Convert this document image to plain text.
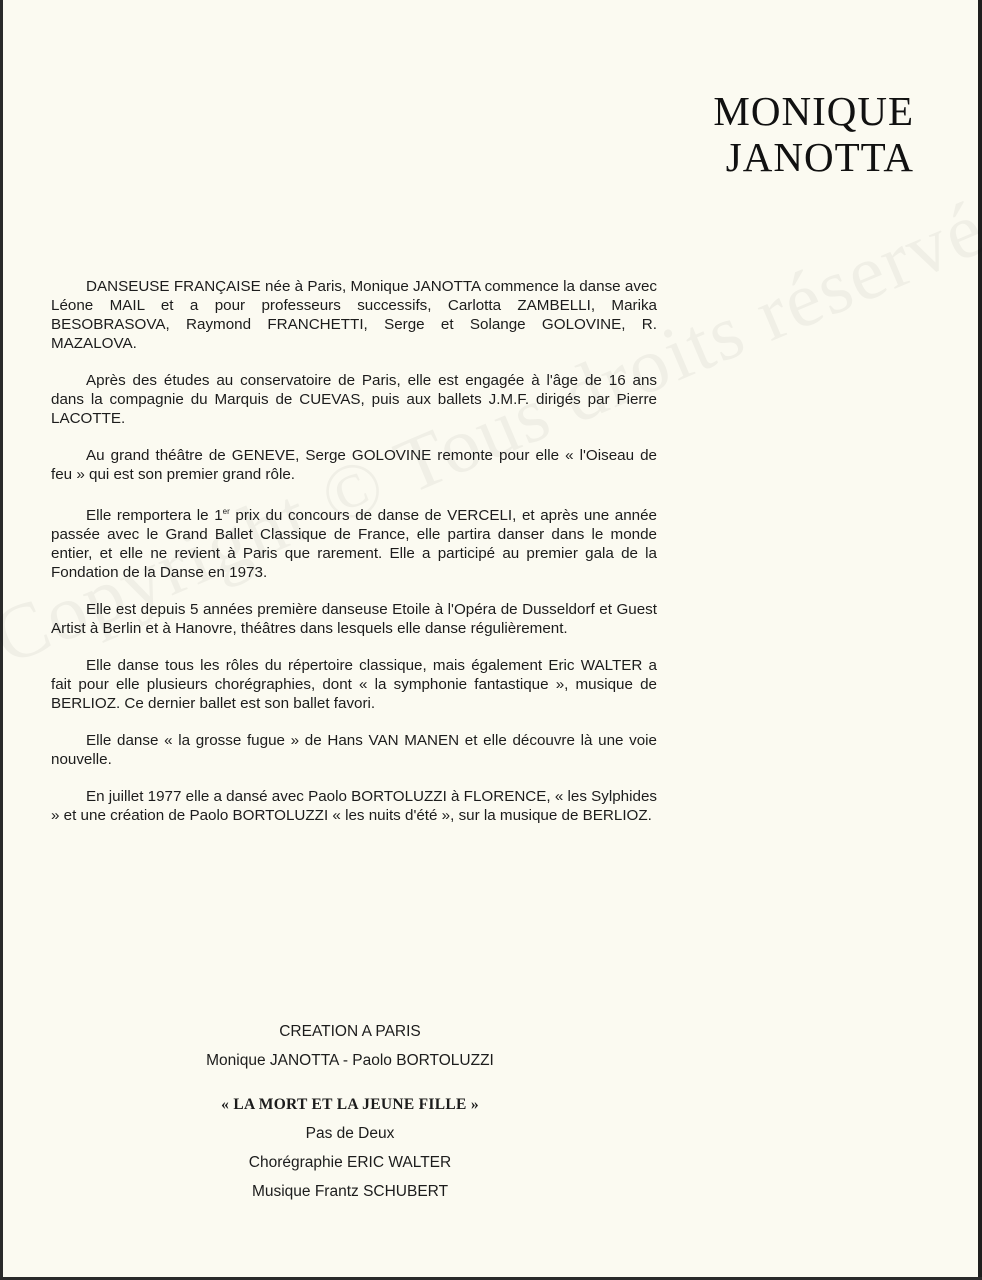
MONIQUE
JANOTTA

DANSEUSE FRANÇAISE née à Paris, Monique JANOTTA commence la danse avec Léone MAIL et a pour professeurs successifs, Carlotta ZAMBELLI, Marika BESOBRASOVA, Raymond FRANCHETTI, Serge et Solange GOLOVINE, R. MAZALOVA.

Après des études au conservatoire de Paris, elle est engagée à l'âge de 16 ans dans la compagnie du Marquis de CUEVAS, puis aux ballets J.M.F. dirigés par Pierre LACOTTE.

Au grand théâtre de GENEVE, Serge GOLOVINE remonte pour elle « l'Oiseau de feu » qui est son premier grand rôle.

Elle remportera le 1er prix du concours de danse de VERCELI, et après une année passée avec le Grand Ballet Classique de France, elle partira danser dans le monde entier, et elle ne revient à Paris que rarement. Elle a participé au premier gala de la Fondation de la Danse en 1973.

Elle est depuis 5 années première danseuse Etoile à l'Opéra de Dusseldorf et Guest Artist à Berlin et à Hanovre, théâtres dans lesquels elle danse régulièrement.

Elle danse tous les rôles du répertoire classique, mais également Eric WALTER a fait pour elle plusieurs chorégraphies, dont « la symphonie fantastique », musique de BERLIOZ. Ce dernier ballet est son ballet favori.

Elle danse « la grosse fugue » de Hans VAN MANEN et elle découvre là une voie nouvelle.

En juillet 1977 elle a dansé avec Paolo BORTOLUZZI à FLORENCE, « les Sylphides » et une création de Paolo BORTOLUZZI « les nuits d'été », sur la musique de BERLIOZ.

CREATION A PARIS
Monique JANOTTA - Paolo BORTOLUZZI
« LA MORT ET LA JEUNE FILLE »
Pas de Deux
Chorégraphie ERIC WALTER
Musique Frantz SCHUBERT
